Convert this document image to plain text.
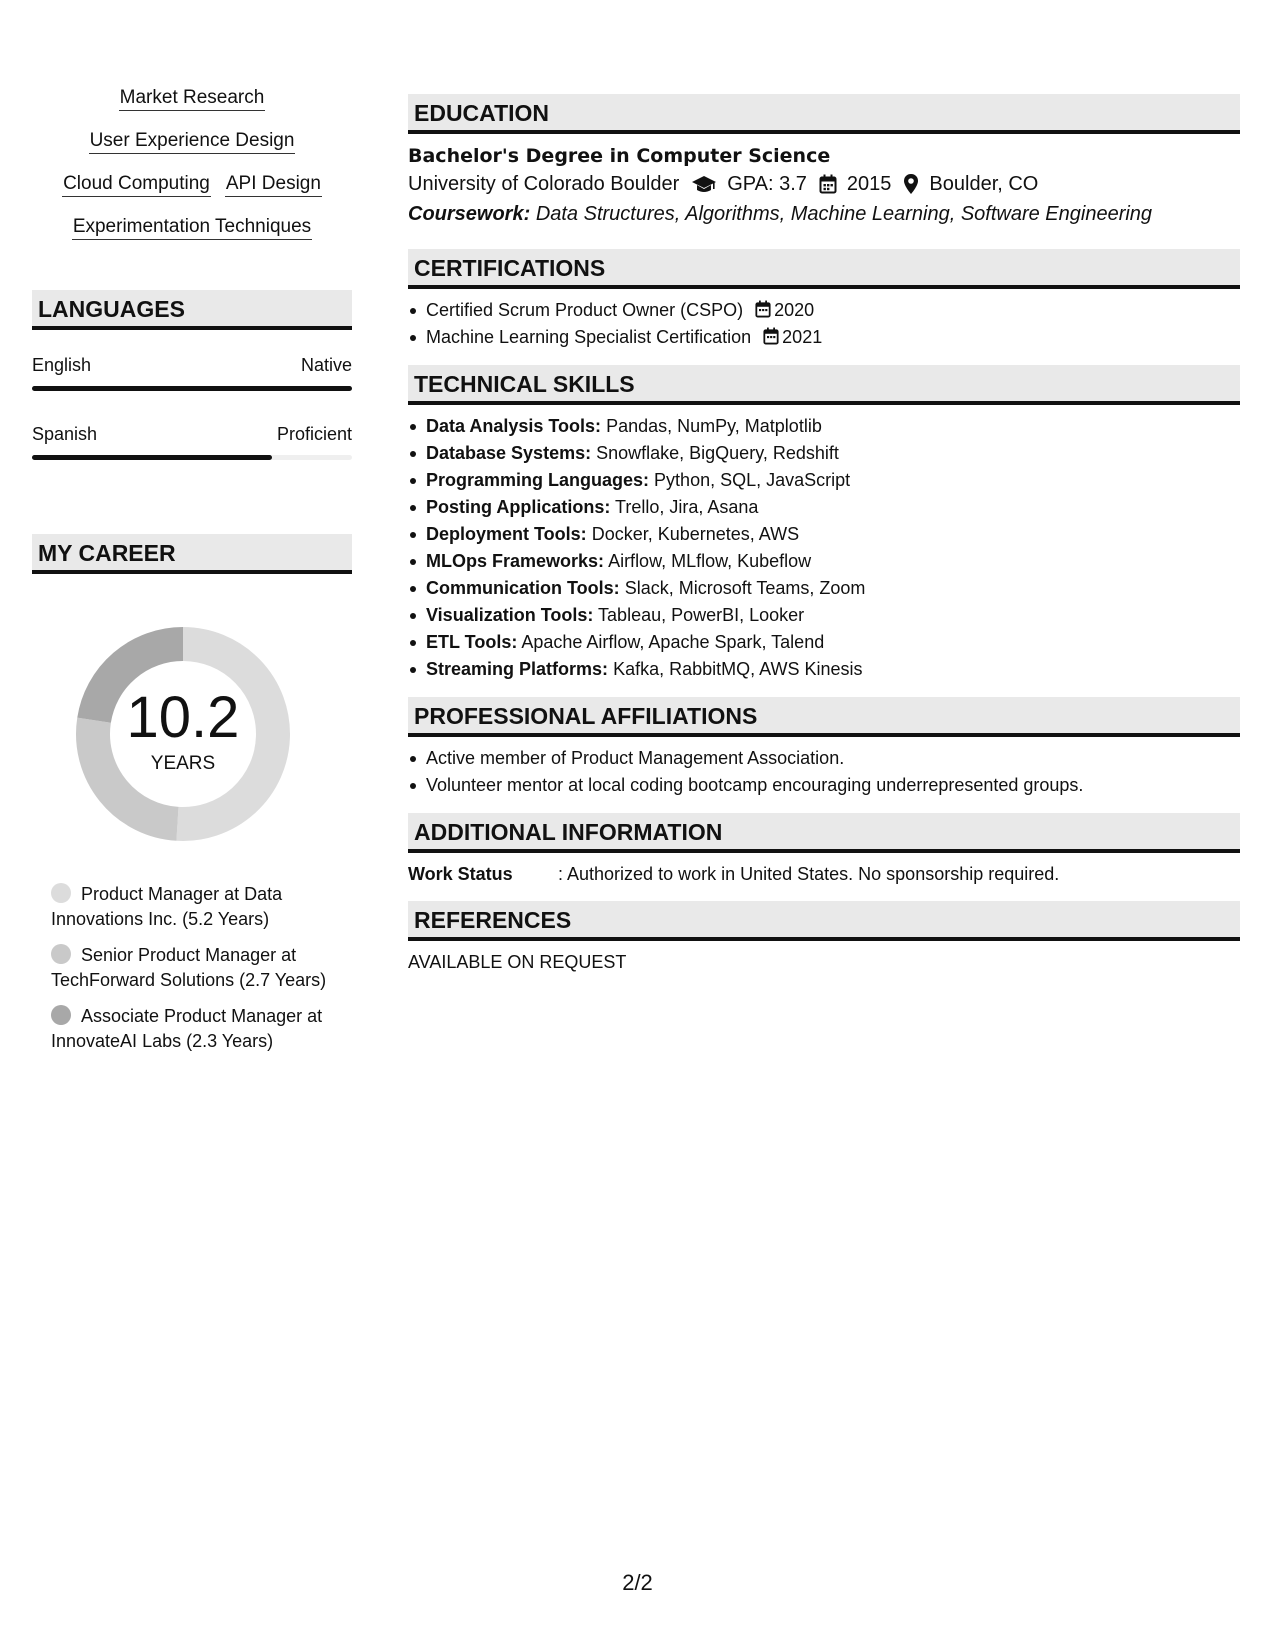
Market Research
User Experience Design
Cloud Computing API Design
Experimentation Techniques
LANGUAGES
English	Native
Spanish	Proficient
MY CAREER
10.2
YEARS
Product Manager at Data Innovations Inc. (5.2 Years)
Senior Product Manager at TechForward Solutions (2.7 Years)
Associate Product Manager at InnovateAI Labs (2.3 Years)
EDUCATION
Bachelor's Degree in Computer Science
University of Colorado Boulder GPA: 3.7 2015 Boulder, CO
Coursework: Data Structures, Algorithms, Machine Learning, Software Engineering
CERTIFICATIONS
Certified Scrum Product Owner (CSPO) 2020
Machine Learning Specialist Certification 2021
TECHNICAL SKILLS
Data Analysis Tools: Pandas, NumPy, Matplotlib
Database Systems: Snowflake, BigQuery, Redshift
Programming Languages: Python, SQL, JavaScript
Posting Applications: Trello, Jira, Asana
Deployment Tools: Docker, Kubernetes, AWS
MLOps Frameworks: Airflow, MLflow, Kubeflow
Communication Tools: Slack, Microsoft Teams, Zoom
Visualization Tools: Tableau, PowerBI, Looker
ETL Tools: Apache Airflow, Apache Spark, Talend
Streaming Platforms: Kafka, RabbitMQ, AWS Kinesis
PROFESSIONAL AFFILIATIONS
Active member of Product Management Association.
Volunteer mentor at local coding bootcamp encouraging underrepresented groups.
ADDITIONAL INFORMATION
Work Status	: Authorized to work in United States. No sponsorship required.
REFERENCES
AVAILABLE ON REQUEST
2/2
